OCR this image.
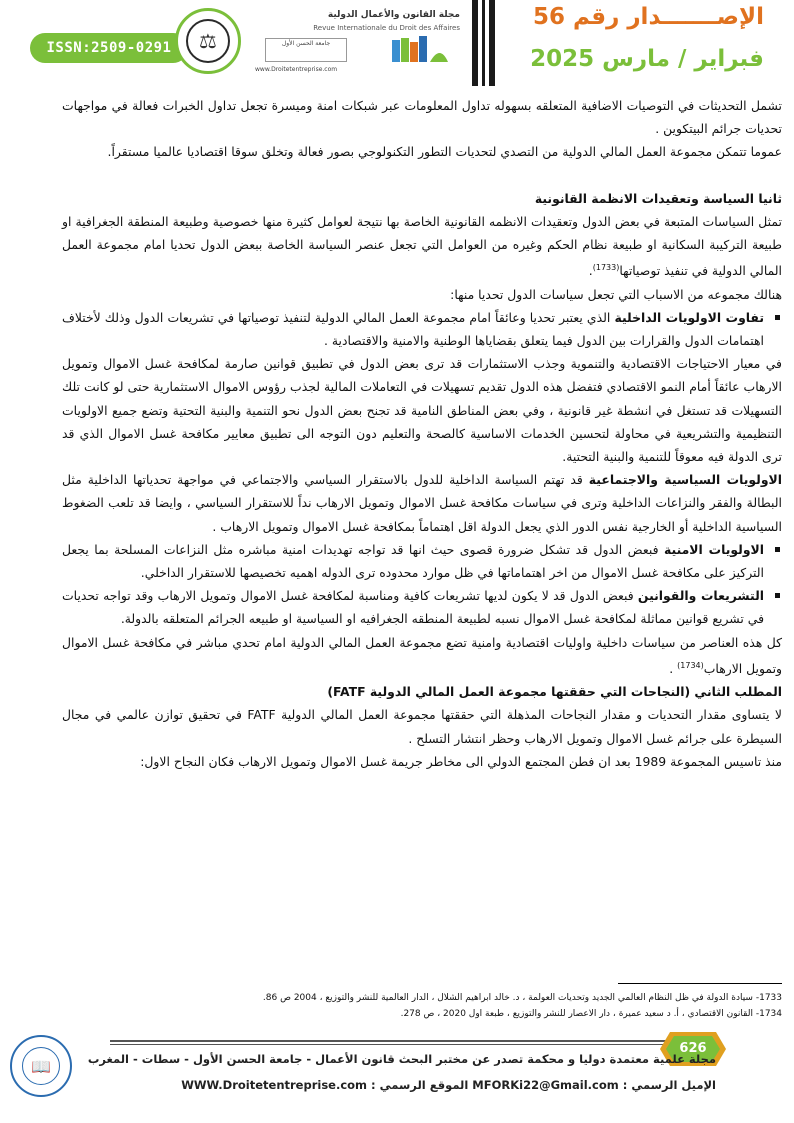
ISSN:2509-0291	⚖
مجلة القانون والأعمال الدولية
Revue Internationale du Droit des Affaires
جامعة الحسن الأول
www.Droitetentreprise.com
الإصـــــــدار رقم 56
فبراير / مارس 2025

تشمل التحديثات في التوصيات الاضافية المتعلقه بسهوله تداول المعلومات عبر شبكات امنة وميسرة تجعل تداول الخبرات فعالة في مواجهات تحديات جرائم البيتكوين .

عموما تتمكن مجموعة العمل المالي الدولية من التصدي لتحديات التطور التكنولوجي بصور فعالة وتخلق سوقا اقتصاديا عالميا مستقراً.

ثانيا السياسة وتعقيدات الانظمة القانونية

تمثل السياسات المتبعة في بعض الدول وتعقيدات الانظمه القانونية الخاصة بها نتيجة لعوامل كثيرة منها خصوصية وطبيعة المنطقة الجغرافية او طبيعة التركيبة السكانية او طبيعة نظام الحكم وغيره من العوامل التي تجعل عنصر السياسة الخاصة ببعض الدول تحديا امام مجموعة العمل المالي الدولية في تنفيذ توصياتها$^{(1733)}$.

هنالك مجموعه من الاسباب التي تجعل سياسات الدول تحديا منها:

تفاوت الاولويات الداخلية الذي يعتبر تحديا وعائقاً امام مجموعة العمل المالي الدولية لتنفيذ توصياتها في تشريعات الدول وذلك لأختلاف اهتمامات الدول والقرارات بين الدول فيما يتعلق بقضاياها الوطنية والامنية والاقتصادية .

في معيار الاحتياجات الاقتصادية والتنموية وجذب الاستثمارات قد ترى بعض الدول في تطبيق قوانين صارمة لمكافحة غسل الاموال وتمويل الارهاب عائقاً أمام النمو الاقتصادي فتفضل هذه الدول تقديم تسهيلات في التعاملات المالية لجذب رؤوس الاموال الاستثمارية حتى لو كانت تلك التسهيلات قد تستغل في انشطة غير قانونية ، وفي بعض المناطق النامية قد تجنح بعض الدول نحو التنمية والبنية التحتية وتضع جميع الاولويات التنظيمية والتشريعية في محاولة لتحسين الخدمات الاساسية كالصحة والتعليم دون التوجه الى تطبيق معايير مكافحة غسل الاموال الذي قد ترى الدولة فيه معوقاً للتنمية والبنية التحتية.

الاولويات السياسية والاجتماعية قد تهتم السياسة الداخلية للدول بالاستقرار السياسي والاجتماعي في مواجهة تحدياتها الداخلية مثل البطالة والفقر والنزاعات الداخلية وترى في سياسات مكافحة غسل الاموال وتمويل الارهاب نداً للاستقرار السياسي ، وايضا قد تلعب الضغوط السياسية الداخلية أو الخارجية نفس الدور الذي يجعل الدولة اقل اهتماماً بمكافحة غسل الاموال وتمويل الارهاب .

الاولويات الامنية فبعض الدول قد تشكل ضرورة قصوى حيث انها قد تواجه تهديدات امنية مباشره مثل النزاعات المسلحة بما يجعل التركيز على مكافحة غسل الاموال من اخر اهتماماتها في ظل موارد محدوده ترى الدوله اهميه تخصيصها للاستقرار الداخلي.

التشريعات والقوانين فبعض الدول قد لا يكون لديها تشريعات كافية ومناسبة لمكافحة غسل الاموال وتمويل الارهاب وقد تواجه تحديات في تشريع قوانين مماثلة لمكافحة غسل الاموال نسبه لطبيعة المنطقه الجغرافيه او السياسية او طبيعه الجرائم المتعلقه بالدولة.

كل هذه العناصر من سياسات داخلية واوليات اقتصادية وامنية تضع مجموعة العمل المالي الدولية امام تحدي مباشر في مكافحة غسل الاموال وتمويل الارهاب$^{(1734)}$ .

المطلب الثاني (النجاحات التي حققتها مجموعة العمل المالي الدولية FATF)

لا يتساوى مقدار التحديات و مقدار النجاحات المذهلة التي حققتها مجموعة العمل المالي الدولية FATF في تحقيق توازن عالمي في مجال السيطرة على جرائم غسل الاموال وتمويل الارهاب وحظر انتشار التسلح .

منذ تاسيس المجموعة 1989 بعد ان فطن المجتمع الدولي الى مخاطر جريمة غسل الاموال وتمويل الارهاب فكان النجاح الاول:

1733- سيادة الدولة في ظل النظام العالمي الجديد وتحديات العولمة ، د. خالد ابراهيم الشلال ، الدار العالمية للنشر والتوزيع ، 2004 ص 86.
1734- القانون الاقتصادي ، أ. د سعيد عميرة ، دار الاعصار للنشر والتوزيع ، طبعة اول 2020 ، ص 278.
📖
626
مجلة علمية معتمدة دوليا و محكمة تصدر عن مختبر البحث قانون الأعمال - جامعة الحسن الأول - سطات - المغرب
الإميل الرسمي : MFORKi22@Gmail.com الموقع الرسمي : WWW.Droitetentreprise.com
